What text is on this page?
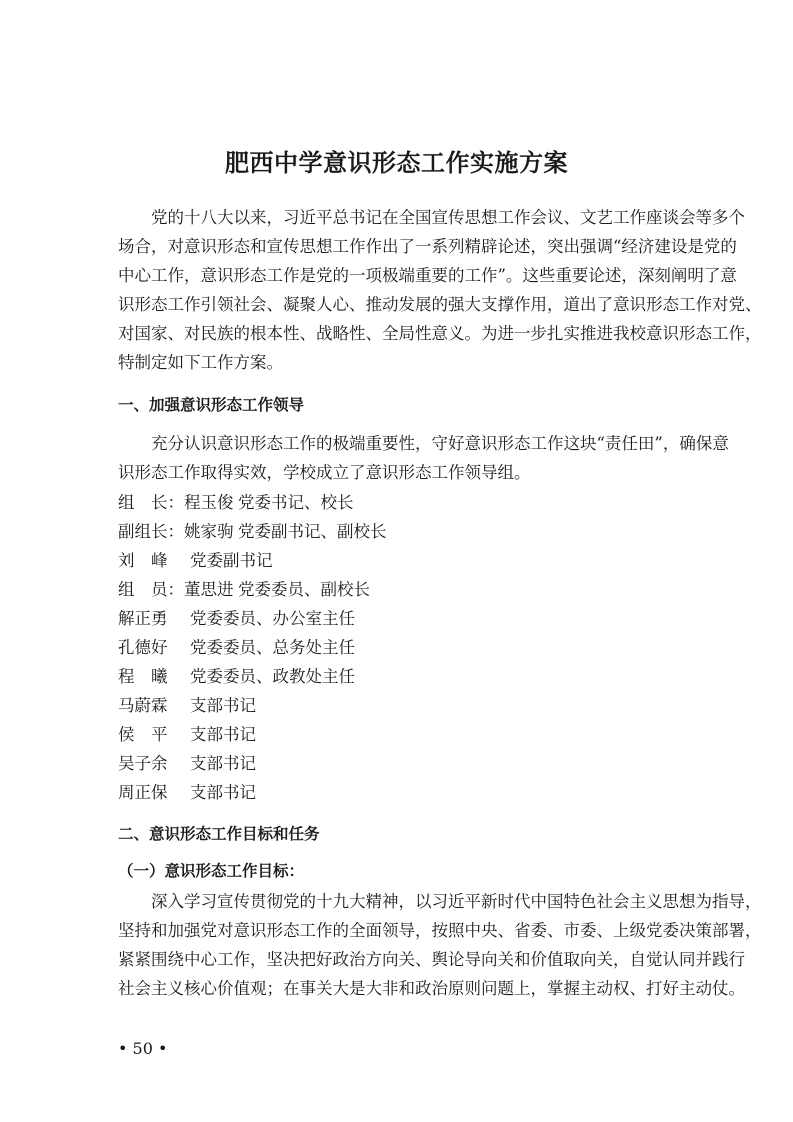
肥西中学意识形态工作实施方案

党的十八大以来，习近平总书记在全国宣传思想工作会议、文艺工作座谈会等多个

场合，对意识形态和宣传思想工作作出了一系列精辟论述，突出强调“经济建设是党的

中心工作，意识形态工作是党的一项极端重要的工作”。这些重要论述，深刻阐明了意

识形态工作引领社会、凝聚人心、推动发展的强大支撑作用，道出了意识形态工作对党、

对国家、对民族的根本性、战略性、全局性意义。为进一步扎实推进我校意识形态工作，

特制定如下工作方案。

一、加强意识形态工作领导

充分认识意识形态工作的极端重要性，守好意识形态工作这块“责任田”，确保意

识形态工作取得实效，学校成立了意识形态工作领导组。

组　长：程玉俊 党委书记、校长
副组长：姚家驹 党委副书记、副校长
刘　峰 党委副书记
组　员：董思进 党委委员、副校长
解正勇 党委委员、办公室主任
孔德好 党委委员、总务处主任
程　曦 党委委员、政教处主任
马蔚霖 支部书记
侯　平 支部书记
吴子余 支部书记
周正保 支部书记

二、意识形态工作目标和任务

（一）意识形态工作目标：

深入学习宣传贯彻党的十九大精神，以习近平新时代中国特色社会主义思想为指导，

坚持和加强党对意识形态工作的全面领导，按照中央、省委、市委、上级党委决策部署，

紧紧围绕中心工作，坚决把好政治方向关、舆论导向关和价值取向关，自觉认同并践行

社会主义核心价值观；在事关大是大非和政治原则问题上，掌握主动权、打好主动仗。

• 50 •
